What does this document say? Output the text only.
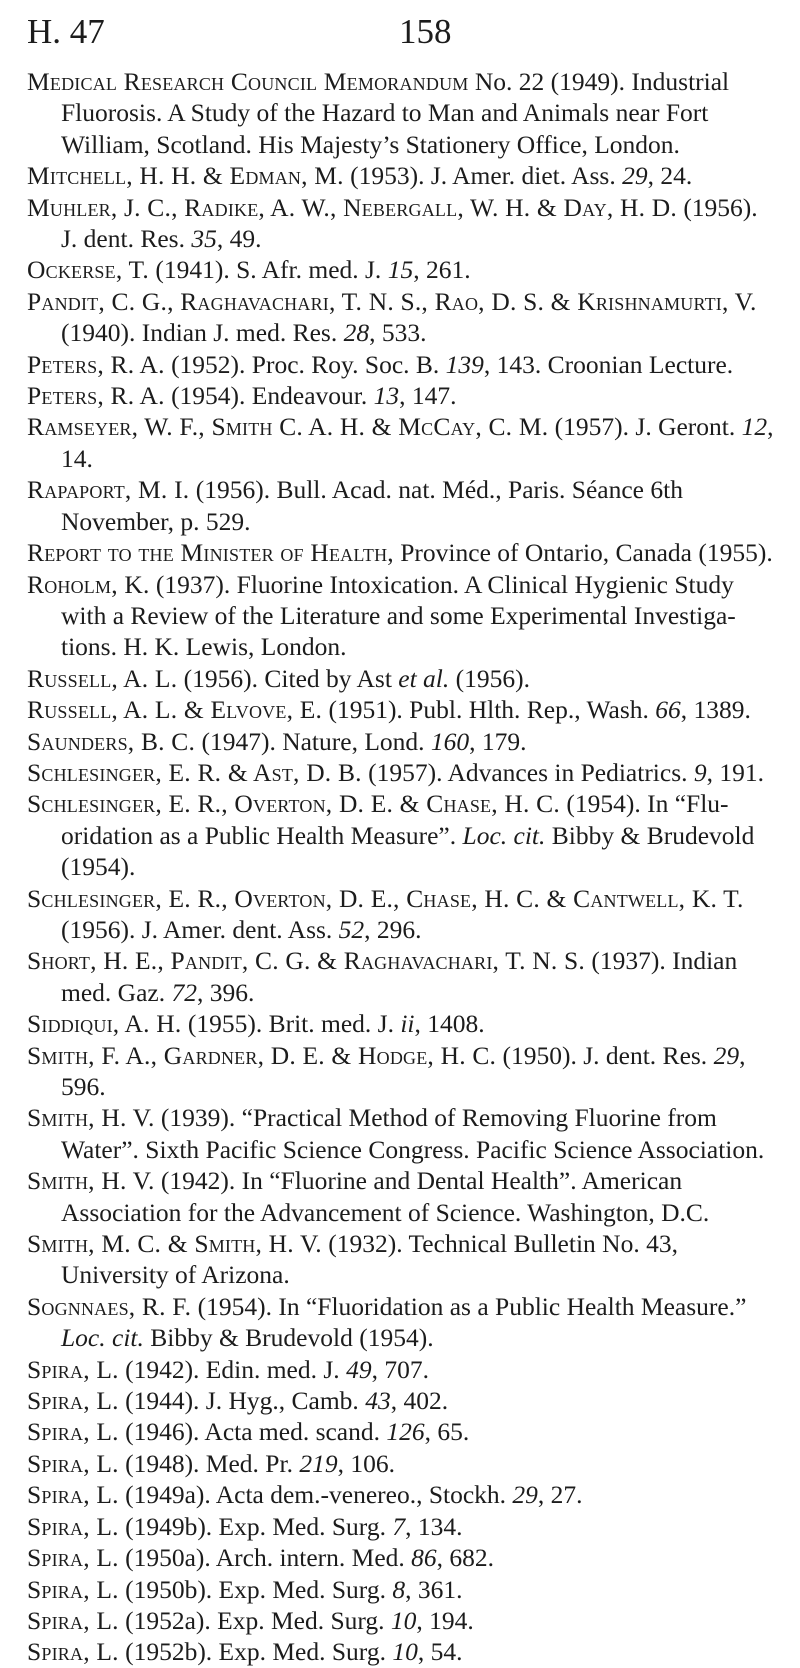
H. 47	158

Medical Research Council Memorandum No. 22 (1949). Industrial Fluorosis. A Study of the Hazard to Man and Animals near Fort William, Scotland. His Majesty’s Stationery Office, London.

Mitchell, H. H. & Edman, M. (1953). J. Amer. diet. Ass. 29, 24.

Muhler, J. C., Radike, A. W., Nebergall, W. H. & Day, H. D. (1956). J. dent. Res. 35, 49.

Ockerse, T. (1941). S. Afr. med. J. 15, 261.

Pandit, C. G., Raghavachari, T. N. S., Rao, D. S. & Krishnamurti, V. (1940). Indian J. med. Res. 28, 533.

Peters, R. A. (1952). Proc. Roy. Soc. B. 139, 143. Croonian Lecture.

Peters, R. A. (1954). Endeavour. 13, 147.

Ramseyer, W. F., Smith C. A. H. & McCay, C. M. (1957). J. Geront. 12, 14.

Rapaport, M. I. (1956). Bull. Acad. nat. Méd., Paris. Séance 6th November, p. 529.

Report to the Minister of Health, Province of Ontario, Canada (1955).

Roholm, K. (1937). Fluorine Intoxication. A Clinical Hygienic Study with a Review of the Literature and some Experimental Investiga-tions. H. K. Lewis, London.

Russell, A. L. (1956). Cited by Ast et al. (1956).

Russell, A. L. & Elvove, E. (1951). Publ. Hlth. Rep., Wash. 66, 1389.

Saunders, B. C. (1947). Nature, Lond. 160, 179.

Schlesinger, E. R. & Ast, D. B. (1957). Advances in Pediatrics. 9, 191.

Schlesinger, E. R., Overton, D. E. & Chase, H. C. (1954). In “Flu-oridation as a Public Health Measure”. Loc. cit. Bibby & Brudevold (1954).

Schlesinger, E. R., Overton, D. E., Chase, H. C. & Cantwell, K. T. (1956). J. Amer. dent. Ass. 52, 296.

Short, H. E., Pandit, C. G. & Raghavachari, T. N. S. (1937). Indian med. Gaz. 72, 396.

Siddiqui, A. H. (1955). Brit. med. J. ii, 1408.

Smith, F. A., Gardner, D. E. & Hodge, H. C. (1950). J. dent. Res. 29, 596.

Smith, H. V. (1939). “Practical Method of Removing Fluorine from Water”. Sixth Pacific Science Congress. Pacific Science Association.

Smith, H. V. (1942). In “Fluorine and Dental Health”. American Association for the Advancement of Science. Washington, D.C.

Smith, M. C. & Smith, H. V. (1932). Technical Bulletin No. 43, University of Arizona.

Sognnaes, R. F. (1954). In “Fluoridation as a Public Health Measure.” Loc. cit. Bibby & Brudevold (1954).

Spira, L. (1942). Edin. med. J. 49, 707.

Spira, L. (1944). J. Hyg., Camb. 43, 402.

Spira, L. (1946). Acta med. scand. 126, 65.

Spira, L. (1948). Med. Pr. 219, 106.

Spira, L. (1949a). Acta dem.-venereo., Stockh. 29, 27.

Spira, L. (1949b). Exp. Med. Surg. 7, 134.

Spira, L. (1950a). Arch. intern. Med. 86, 682.

Spira, L. (1950b). Exp. Med. Surg. 8, 361.

Spira, L. (1952a). Exp. Med. Surg. 10, 194.

Spira, L. (1952b). Exp. Med. Surg. 10, 54.
